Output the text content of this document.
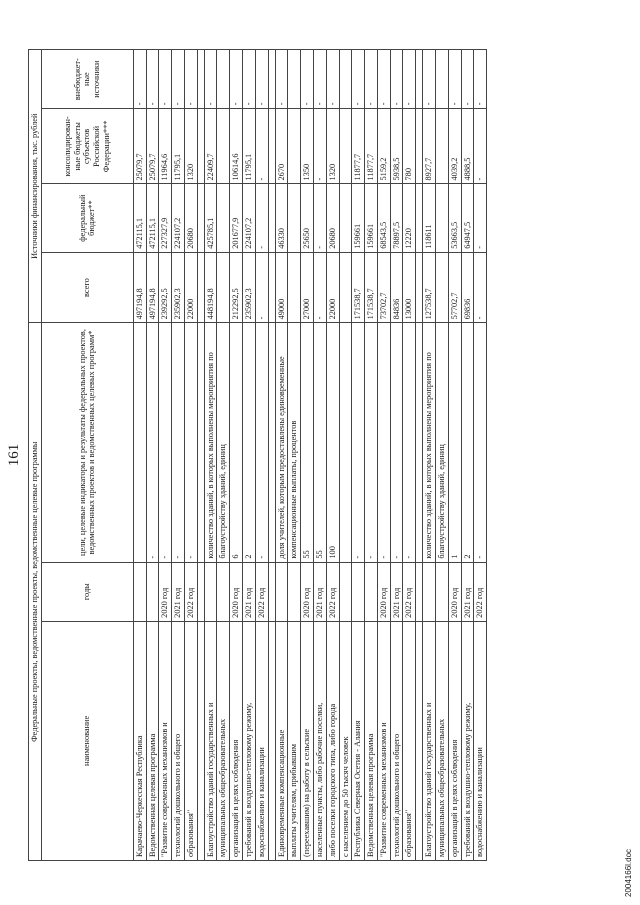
161 Федеральные проекты, ведомственные проекты, ведомственные целевые программы			Источники финансирования, тыс. рублей			
наименование	годы	цели, целевые индикаторы и результаты федеральных проектов, ведомственных проектов и ведомственных целевых программ*	всего	федеральный бюджет**	консолидирован-ные бюджеты субъектов Российской Федерации***	внебюджет-ные источники
Карачаево-Черкесская Республика			497194,8	472115,1	25079,7	-
Ведомственная целевая программа		-	497194,8	472115,1	25079,7	-
"Развитие современных механизмов и	2020 год	-	239292,5	227327,9	11964,6	-
технологий дошкольного и общего	2021 год	-	235902,3	224107,2	11795,1	-
образования"	2022 год	-	22000	20680	1320	-

Благоустройство зданий государственных и		количество зданий, в которых выполнены мероприятия по	448194,8	425785,1	22409,7	-
муниципальных общеобразовательных		благоустройству зданий, единиц				
организаций в целях соблюдения	2020 год	6	212292,5	201677,9	10614,6	-
требований к воздушно-тепловому режиму,	2021 год	2	235902,3	224107,2	11795,1	-
водоснабжению и канализации	2022 год	-	-	-	-	-

Единовременные компенсационные		доля учителей, которым предоставлены единовременные	49000	46330	2670	-
выплаты учителям, прибывшим		компенсационные выплаты, процентов				
(переехавшим) на работу в сельские	2020 год	55	27000	25650	1350	-
населенные пункты, либо рабочие поселки,	2021 год	55	-	-	-	-
либо поселки городского типа, либо города	2022 год	100	22000	20680	1320	-
с населением до 50 тысяч человек						
Республика Северная Осетия - Алания		-	171538,7	159661	11877,7	-
Ведомственная целевая программа		-	171538,7	159661	11877,7	-
"Развитие современных механизмов и	2020 год	-	73702,7	68543,5	5159,2	-
технологий дошкольного и общего	2021 год	-	84836	78897,5	5938,5	-
образования"	2022 год	-	13000	12220	780	-

Благоустройство зданий государственных и		количество зданий, в которых выполнены мероприятия по	127538,7	118611	8927,7	-
муниципальных общеобразовательных		благоустройству зданий, единиц				
организаций в целях соблюдения	2020 год	1	57702,7	53663,5	4039,2	-
требований к воздушно-тепловому режиму,	2021 год	2	69836	64947,5	4888,5	-
водоснабжению и канализации	2022 год	-	-	-	-	-
2004166l.doc
